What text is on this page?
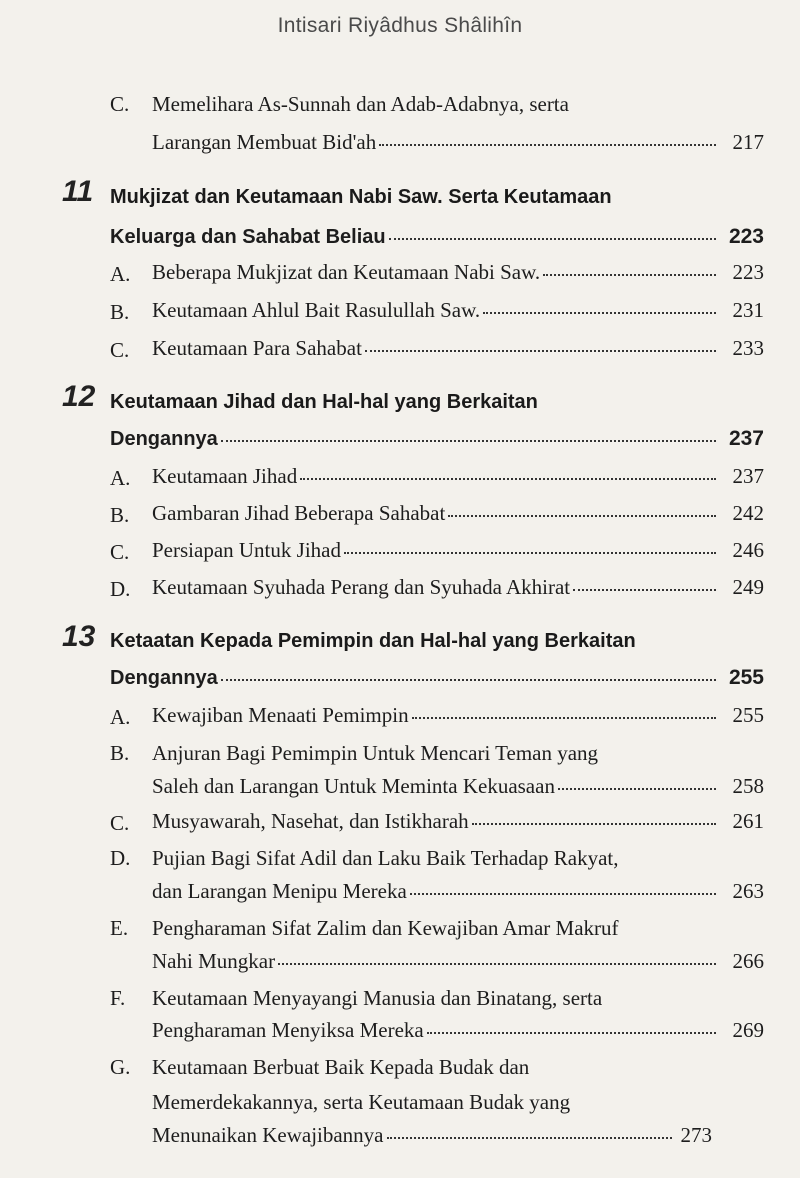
Intisari Riyâdhus Shâlihîn
C. Memelihara As-Sunnah dan Adab-Adabnya, serta
Larangan Membuat Bid'ah	217
11 Mukjizat dan Keutamaan Nabi Saw. Serta Keutamaan
Keluarga dan Sahabat Beliau	223
A. Beberapa Mukjizat dan Keutamaan Nabi Saw.	223
B. Keutamaan Ahlul Bait Rasulullah Saw.	231
C. Keutamaan Para Sahabat	233
12 Keutamaan Jihad dan Hal-hal yang Berkaitan
Dengannya	237
A. Keutamaan Jihad	237
B. Gambaran Jihad Beberapa Sahabat	242
C. Persiapan Untuk Jihad	246
D. Keutamaan Syuhada Perang dan Syuhada Akhirat	249
13 Ketaatan Kepada Pemimpin dan Hal-hal yang Berkaitan
Dengannya	255
A. Kewajiban Menaati Pemimpin	255
B. Anjuran Bagi Pemimpin Untuk Mencari Teman yang
Saleh dan Larangan Untuk Meminta Kekuasaan	258
C. Musyawarah, Nasehat, dan Istikharah	261
D. Pujian Bagi Sifat Adil dan Laku Baik Terhadap Rakyat,
dan Larangan Menipu Mereka	263
E. Pengharaman Sifat Zalim dan Kewajiban Amar Makruf
Nahi Mungkar	266
F. Keutamaan Menyayangi Manusia dan Binatang, serta
Pengharaman Menyiksa Mereka	269
G. Keutamaan Berbuat Baik Kepada Budak dan
Memerdekakannya, serta Keutamaan Budak yang
Menunaikan Kewajibannya	273
